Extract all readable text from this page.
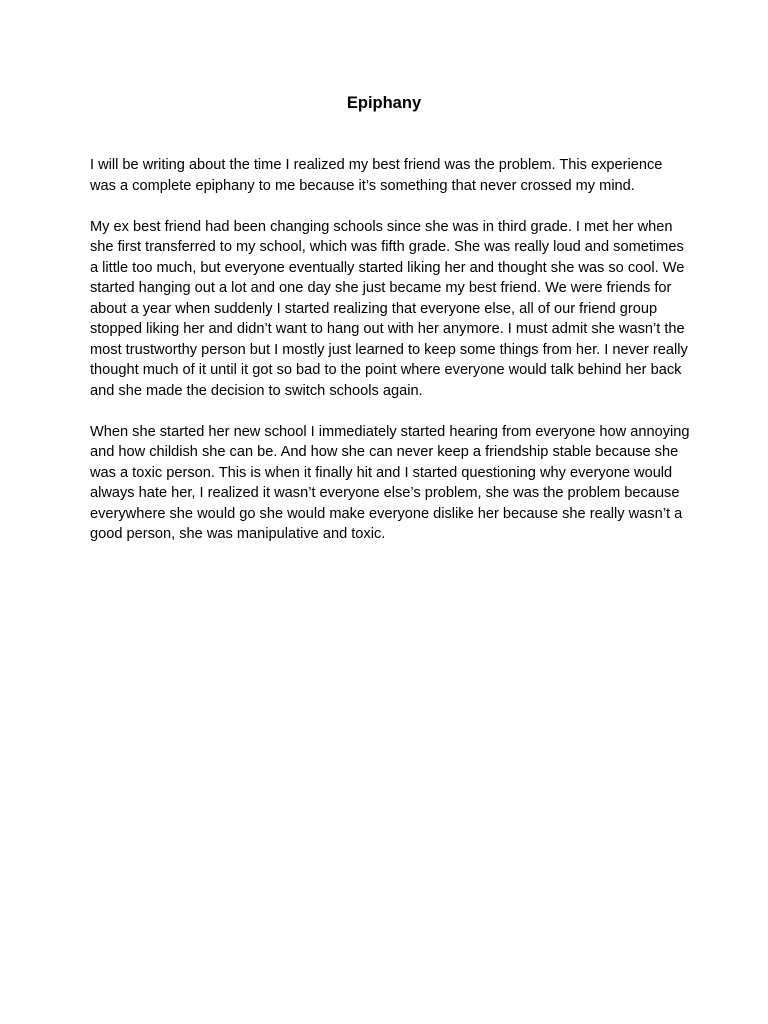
Epiphany

I will be writing about the time I realized my best friend was the problem. This experience was a complete epiphany to me because it’s something that never crossed my mind.

My ex best friend had been changing schools since she was in third grade. I met her when she first transferred to my school, which was fifth grade. She was really loud and sometimes a little too much, but everyone eventually started liking her and thought she was so cool. We started hanging out a lot and one day she just became my best friend. We were friends for about a year when suddenly I started realizing that everyone else, all of our friend group stopped liking her and didn’t want to hang out with her anymore. I must admit she wasn’t the most trustworthy person but I mostly just learned to keep some things from her. I never really thought much of it until it got so bad to the point where everyone would talk behind her back and she made the decision to switch schools again.

When she started her new school I immediately started hearing from everyone how annoying and how childish she can be. And how she can never keep a friendship stable because she was a toxic person. This is when it finally hit and I started questioning why everyone would always hate her, I realized it wasn’t everyone else’s problem, she was the problem because everywhere she would go she would make everyone dislike her because she really wasn’t a good person, she was manipulative and toxic.
